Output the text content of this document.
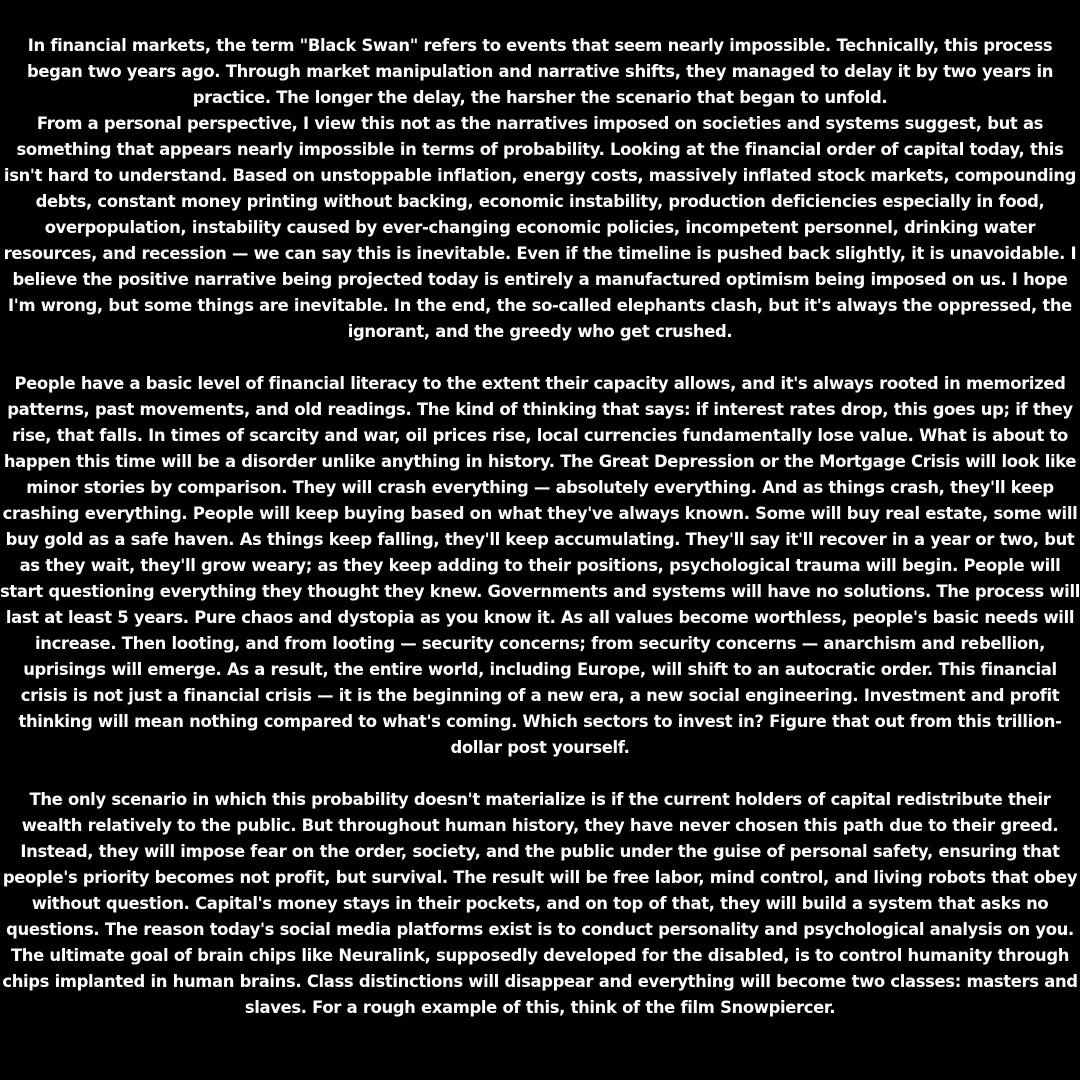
In financial markets, the term "Black Swan" refers to events that seem nearly impossible. Technically, this process began two years ago. Through market manipulation and narrative shifts, they managed to delay it by two years in practice. The longer the delay, the harsher the scenario that began to unfold.

From a personal perspective, I view this not as the narratives imposed on societies and systems suggest, but as something that appears nearly impossible in terms of probability. Looking at the financial order of capital today, this isn't hard to understand. Based on unstoppable inflation, energy costs, massively inflated stock markets, compounding debts, constant money printing without backing, economic instability, production deficiencies especially in food, overpopulation, instability caused by ever-changing economic policies, incompetent personnel, drinking water resources, and recession — we can say this is inevitable. Even if the timeline is pushed back slightly, it is unavoidable. I believe the positive narrative being projected today is entirely a manufactured optimism being imposed on us. I hope I'm wrong, but some things are inevitable. In the end, the so-called elephants clash, but it's always the oppressed, the ignorant, and the greedy who get crushed.

People have a basic level of financial literacy to the extent their capacity allows, and it's always rooted in memorized patterns, past movements, and old readings. The kind of thinking that says: if interest rates drop, this goes up; if they rise, that falls. In times of scarcity and war, oil prices rise, local currencies fundamentally lose value. What is about to happen this time will be a disorder unlike anything in history. The Great Depression or the Mortgage Crisis will look like minor stories by comparison. They will crash everything — absolutely everything. And as things crash, they'll keep crashing everything. People will keep buying based on what they've always known. Some will buy real estate, some will buy gold as a safe haven. As things keep falling, they'll keep accumulating. They'll say it'll recover in a year or two, but as they wait, they'll grow weary; as they keep adding to their positions, psychological trauma will begin. People will start questioning everything they thought they knew. Governments and systems will have no solutions. The process will last at least 5 years. Pure chaos and dystopia as you know it. As all values become worthless, people's basic needs will increase. Then looting, and from looting — security concerns; from security concerns — anarchism and rebellion, uprisings will emerge. As a result, the entire world, including Europe, will shift to an autocratic order. This financial crisis is not just a financial crisis — it is the beginning of a new era, a new social engineering. Investment and profit thinking will mean nothing compared to what's coming. Which sectors to invest in? Figure that out from this trillion-dollar post yourself.

The only scenario in which this probability doesn't materialize is if the current holders of capital redistribute their wealth relatively to the public. But throughout human history, they have never chosen this path due to their greed. Instead, they will impose fear on the order, society, and the public under the guise of personal safety, ensuring that people's priority becomes not profit, but survival. The result will be free labor, mind control, and living robots that obey without question. Capital's money stays in their pockets, and on top of that, they will build a system that asks no questions. The reason today's social media platforms exist is to conduct personality and psychological analysis on you. The ultimate goal of brain chips like Neuralink, supposedly developed for the disabled, is to control humanity through chips implanted in human brains. Class distinctions will disappear and everything will become two classes: masters and slaves. For a rough example of this, think of the film Snowpiercer.
